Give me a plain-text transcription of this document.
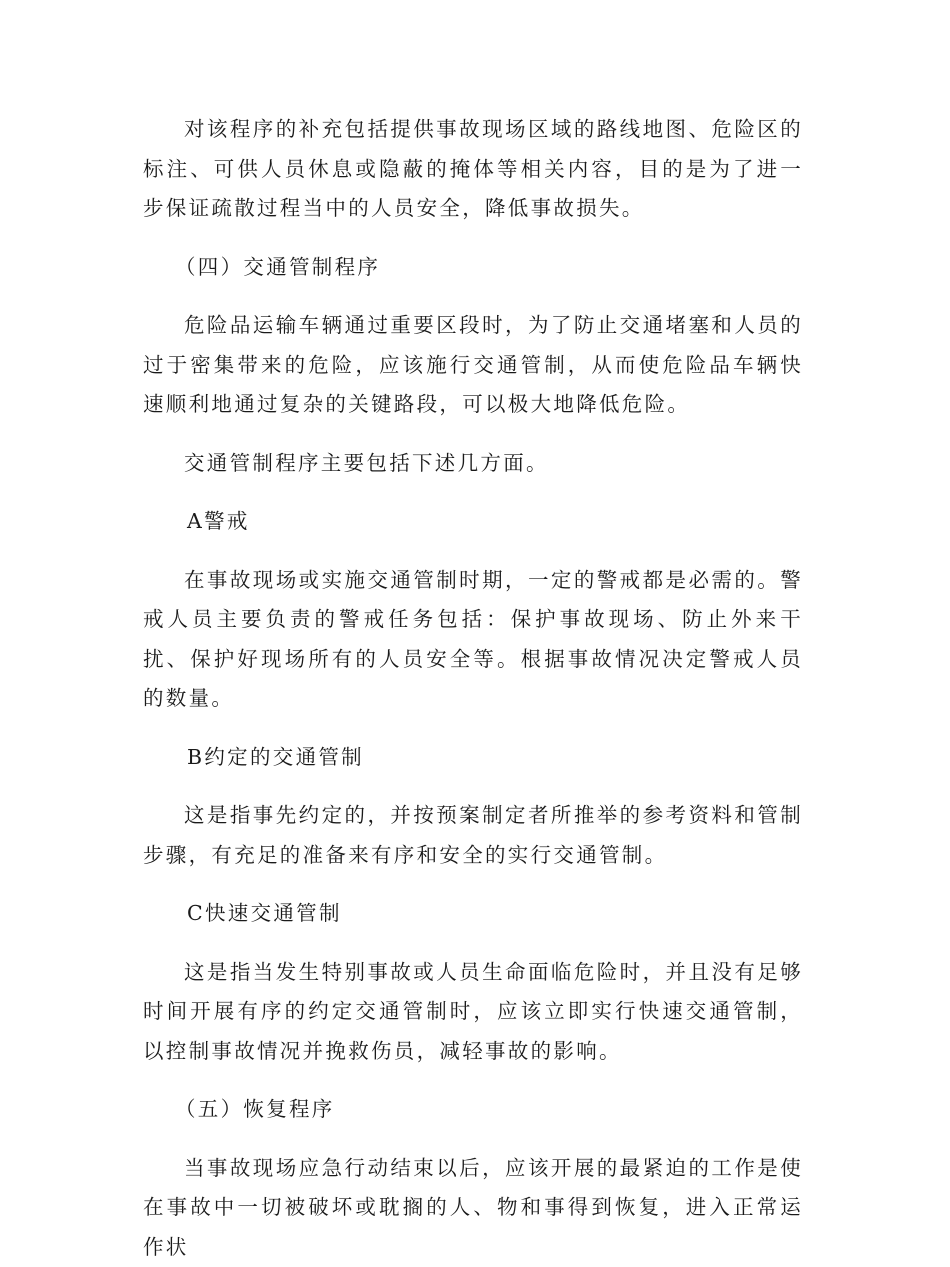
对该程序的补充包括提供事故现场区域的路线地图、危险区的标注、可供人员休息或隐蔽的掩体等相关内容，目的是为了进一步保证疏散过程当中的人员安全，降低事故损失。

（四）交通管制程序

危险品运输车辆通过重要区段时，为了防止交通堵塞和人员的过于密集带来的危险，应该施行交通管制，从而使危险品车辆快速顺利地通过复杂的关键路段，可以极大地降低危险。

交通管制程序主要包括下述几方面。

A警戒

在事故现场或实施交通管制时期，一定的警戒都是必需的。警戒人员主要负责的警戒任务包括：保护事故现场、防止外来干扰、保护好现场所有的人员安全等。根据事故情况决定警戒人员的数量。

B约定的交通管制

这是指事先约定的，并按预案制定者所推举的参考资料和管制步骤，有充足的准备来有序和安全的实行交通管制。

C快速交通管制

这是指当发生特别事故或人员生命面临危险时，并且没有足够时间开展有序的约定交通管制时，应该立即实行快速交通管制，以控制事故情况并挽救伤员，减轻事故的影响。

（五）恢复程序

当事故现场应急行动结束以后，应该开展的最紧迫的工作是使在事故中一切被破坏或耽搁的人、物和事得到恢复，进入正常运作状
